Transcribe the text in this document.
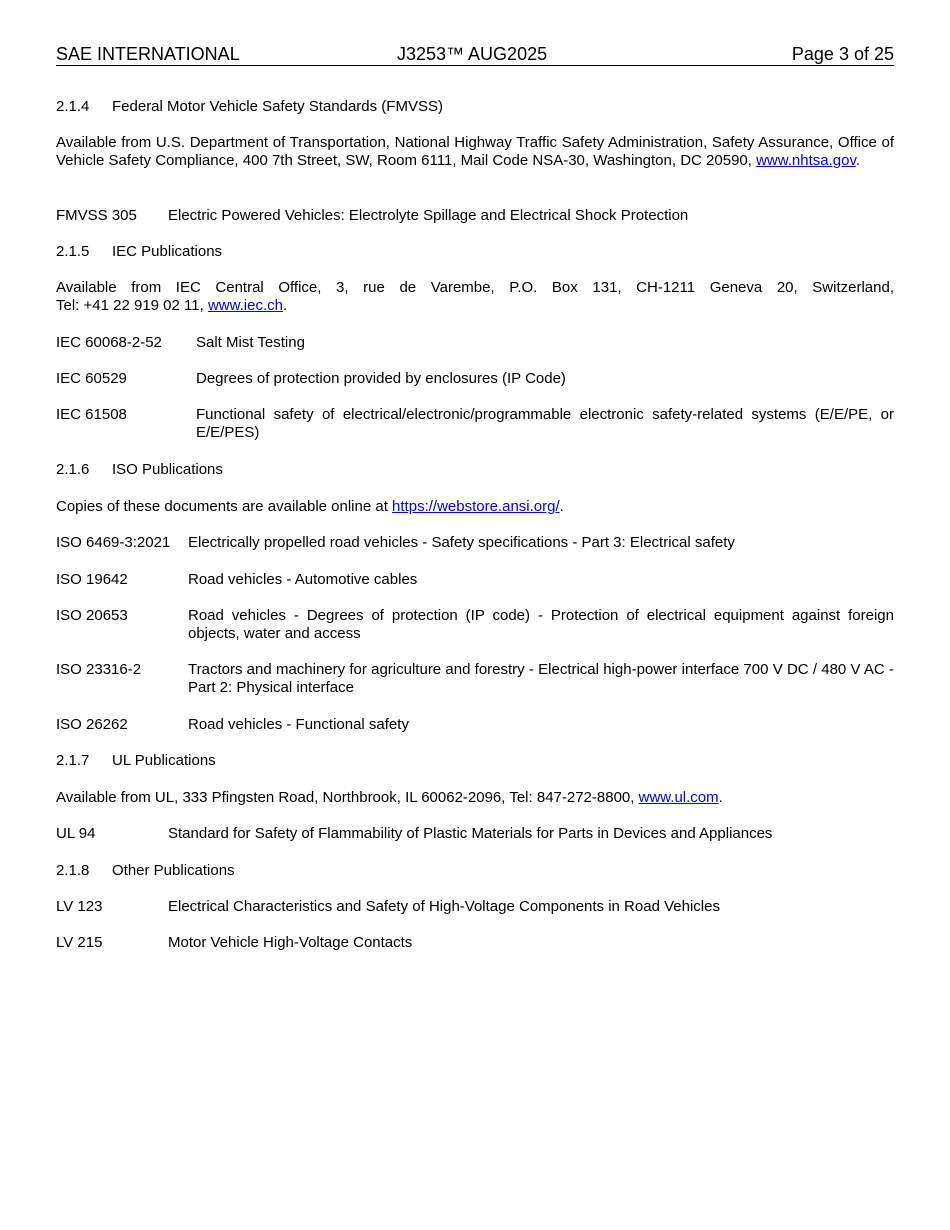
SAE INTERNATIONAL	J3253™ AUG2025	Page 3 of 25
2.1.4 Federal Motor Vehicle Safety Standards (FMVSS)
Available from U.S. Department of Transportation, National Highway Traffic Safety Administration, Safety Assurance, Office of Vehicle Safety Compliance, 400 7th Street, SW, Room 6111, Mail Code NSA-30, Washington, DC 20590, www.nhtsa.gov.
FMVSS 305	Electric Powered Vehicles: Electrolyte Spillage and Electrical Shock Protection
2.1.5 IEC Publications
Available from IEC Central Office, 3, rue de Varembe, P.O. Box 131, CH-1211 Geneva 20, Switzerland,
Tel: +41 22 919 02 11, www.iec.ch.
IEC 60068-2-52	Salt Mist Testing
IEC 60529	Degrees of protection provided by enclosures (IP Code)
IEC 61508	Functional safety of electrical/electronic/programmable electronic safety-related systems (E/E/PE, or E/E/PES)
2.1.6 ISO Publications
Copies of these documents are available online at https://webstore.ansi.org/.
ISO 6469-3:2021	Electrically propelled road vehicles - Safety specifications - Part 3: Electrical safety
ISO 19642	Road vehicles - Automotive cables
ISO 20653	Road vehicles - Degrees of protection (IP code) - Protection of electrical equipment against foreign objects, water and access
ISO 23316-2	Tractors and machinery for agriculture and forestry - Electrical high-power interface 700 V DC / 480 V AC - Part 2: Physical interface
ISO 26262	Road vehicles - Functional safety
2.1.7 UL Publications
Available from UL, 333 Pfingsten Road, Northbrook, IL 60062-2096, Tel: 847-272-8800, www.ul.com.
UL 94	Standard for Safety of Flammability of Plastic Materials for Parts in Devices and Appliances
2.1.8 Other Publications
LV 123	Electrical Characteristics and Safety of High-Voltage Components in Road Vehicles
LV 215	Motor Vehicle High-Voltage Contacts
